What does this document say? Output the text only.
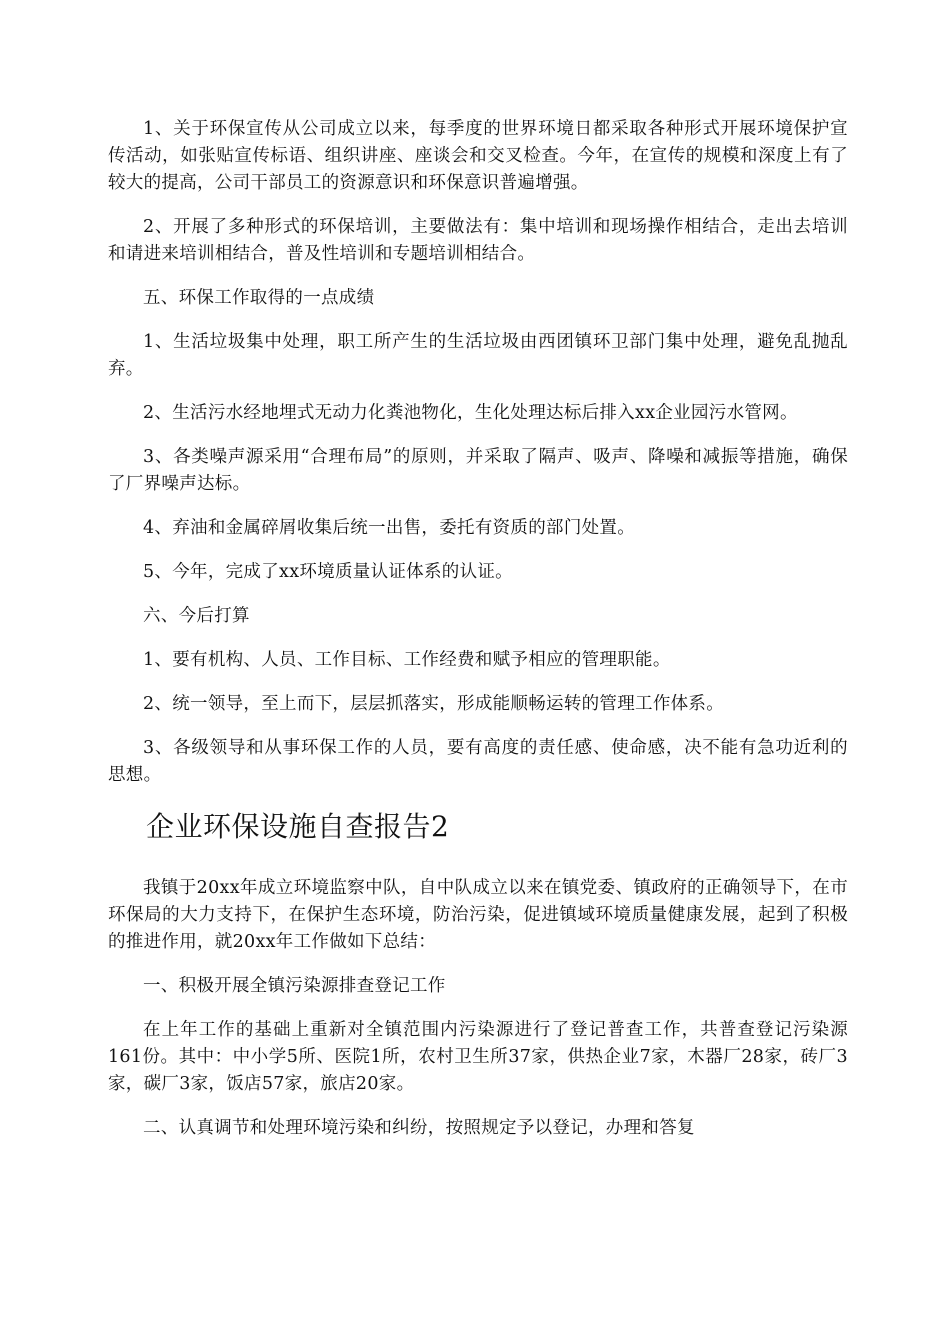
1、关于环保宣传从公司成立以来，每季度的世界环境日都采取各种形式开展环境保护宣传活动，如张贴宣传标语、组织讲座、座谈会和交叉检查。今年，在宣传的规模和深度上有了较大的提高，公司干部员工的资源意识和环保意识普遍增强。

2、开展了多种形式的环保培训，主要做法有：集中培训和现场操作相结合，走出去培训和请进来培训相结合，普及性培训和专题培训相结合。

五、环保工作取得的一点成绩

1、生活垃圾集中处理，职工所产生的生活垃圾由西团镇环卫部门集中处理，避免乱抛乱弃。

2、生活污水经地埋式无动力化粪池物化，生化处理达标后排入xx企业园污水管网。

3、各类噪声源采用“合理布局”的原则，并采取了隔声、吸声、降噪和减振等措施，确保了厂界噪声达标。

4、弃油和金属碎屑收集后统一出售，委托有资质的部门处置。

5、今年，完成了xx环境质量认证体系的认证。

六、今后打算

1、要有机构、人员、工作目标、工作经费和赋予相应的管理职能。

2、统一领导，至上而下，层层抓落实，形成能顺畅运转的管理工作体系。

3、各级领导和从事环保工作的人员，要有高度的责任感、使命感，决不能有急功近利的思想。

企业环保设施自查报告2

我镇于20xx年成立环境监察中队，自中队成立以来在镇党委、镇政府的正确领导下，在市环保局的大力支持下，在保护生态环境，防治污染，促进镇域环境质量健康发展，起到了积极的推进作用，就20xx年工作做如下总结：

一、积极开展全镇污染源排查登记工作

在上年工作的基础上重新对全镇范围内污染源进行了登记普查工作，共普查登记污染源161份。其中：中小学5所、医院1所，农村卫生所37家，供热企业7家，木器厂28家，砖厂3家，碳厂3家，饭店57家，旅店20家。

二、认真调节和处理环境污染和纠纷，按照规定予以登记，办理和答复
